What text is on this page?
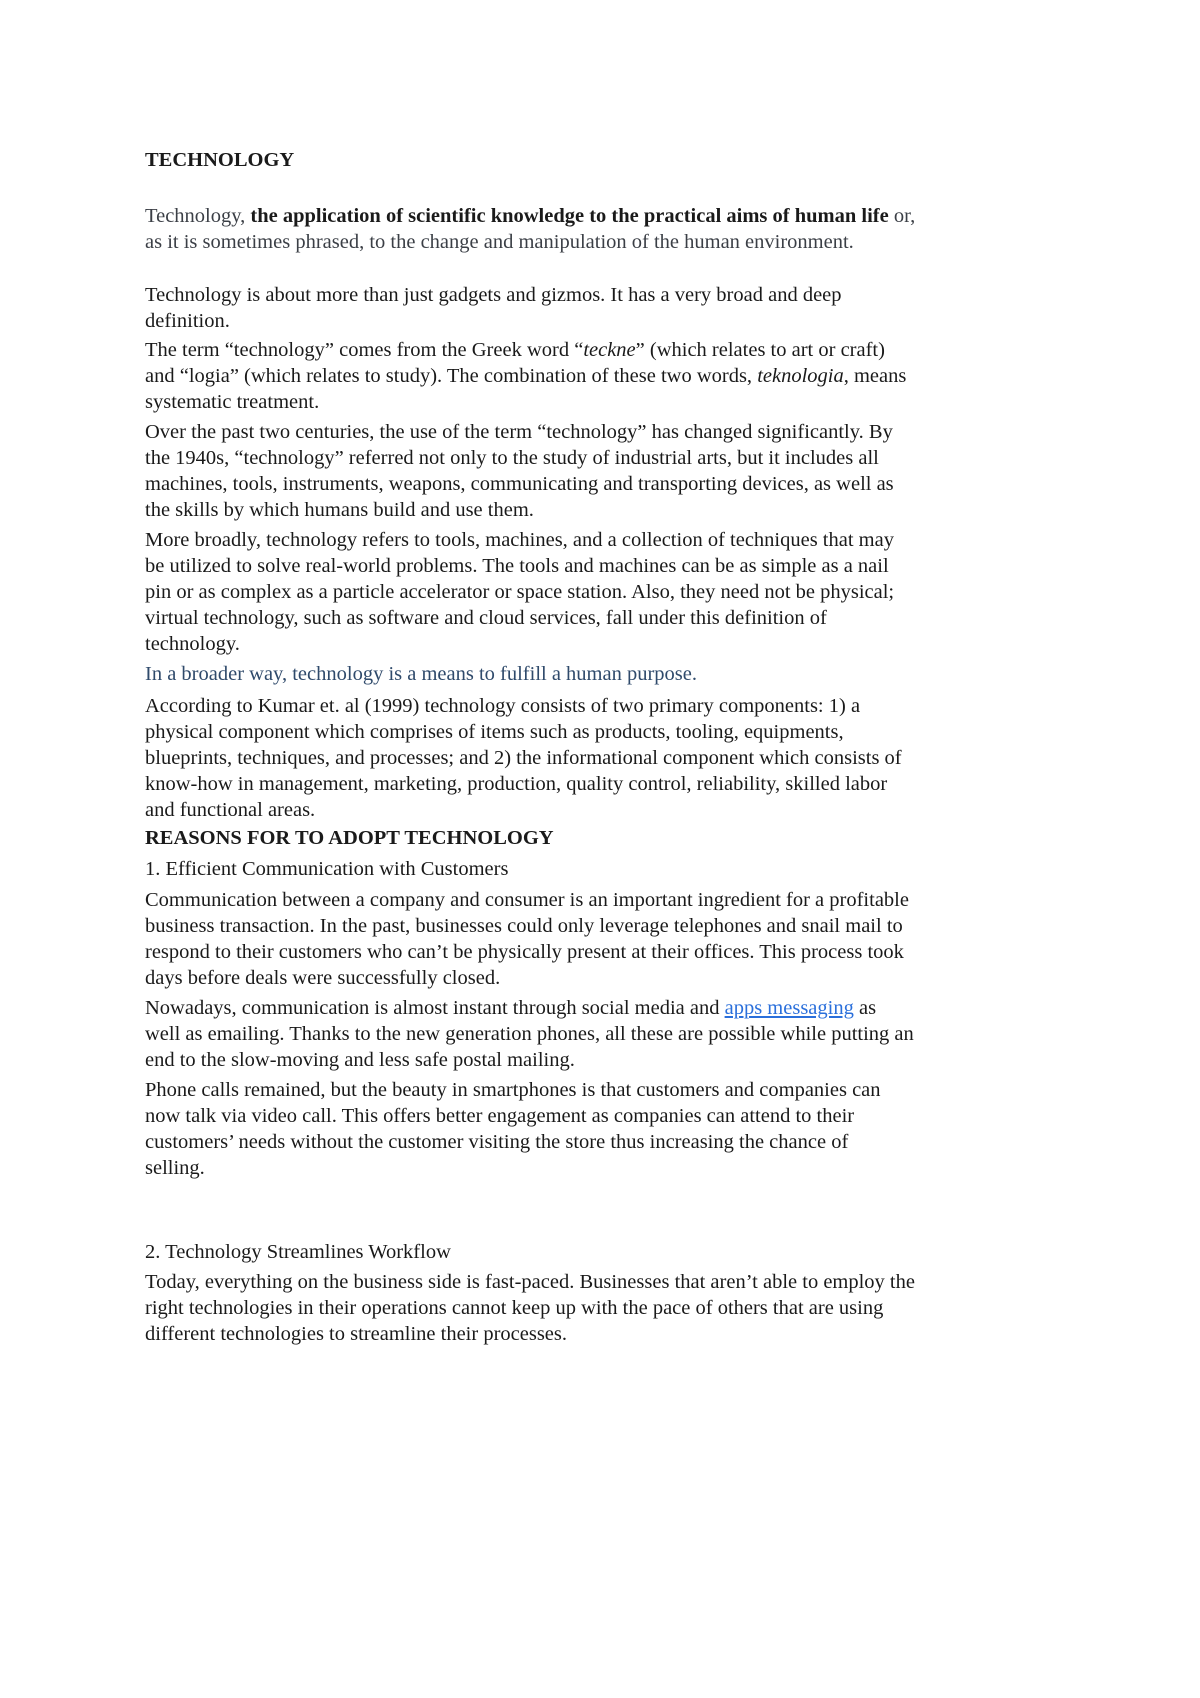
TECHNOLOGY
Technology, the application of scientific knowledge to the practical aims of human life or,
as it is sometimes phrased, to the change and manipulation of the human environment.
Technology is about more than just gadgets and gizmos. It has a very broad and deep
definition.
The term “technology” comes from the Greek word “teckne” (which relates to art or craft)
and “logia” (which relates to study). The combination of these two words, teknologia, means
systematic treatment.
Over the past two centuries, the use of the term “technology” has changed significantly. By
the 1940s, “technology” referred not only to the study of industrial arts, but it includes all
machines, tools, instruments, weapons, communicating and transporting devices, as well as
the skills by which humans build and use them.
More broadly, technology refers to tools, machines, and a collection of techniques that may
be utilized to solve real-world problems. The tools and machines can be as simple as a nail
pin or as complex as a particle accelerator or space station. Also, they need not be physical;
virtual technology, such as software and cloud services, fall under this definition of
technology.
In a broader way, technology is a means to fulfill a human purpose.
According to Kumar et. al (1999) technology consists of two primary components: 1) a
physical component which comprises of items such as products, tooling, equipments,
blueprints, techniques, and processes; and 2) the informational component which consists of
know-how in management, marketing, production, quality control, reliability, skilled labor
and functional areas.
REASONS FOR TO ADOPT TECHNOLOGY
1. Efficient Communication with Customers
Communication between a company and consumer is an important ingredient for a profitable
business transaction. In the past, businesses could only leverage telephones and snail mail to
respond to their customers who can’t be physically present at their offices. This process took
days before deals were successfully closed.
Nowadays, communication is almost instant through social media and apps messaging as
well as emailing. Thanks to the new generation phones, all these are possible while putting an
end to the slow-moving and less safe postal mailing.
Phone calls remained, but the beauty in smartphones is that customers and companies can
now talk via video call. This offers better engagement as companies can attend to their
customers’ needs without the customer visiting the store thus increasing the chance of
selling.
2. Technology Streamlines Workflow
Today, everything on the business side is fast-paced. Businesses that aren’t able to employ the
right technologies in their operations cannot keep up with the pace of others that are using
different technologies to streamline their processes.
